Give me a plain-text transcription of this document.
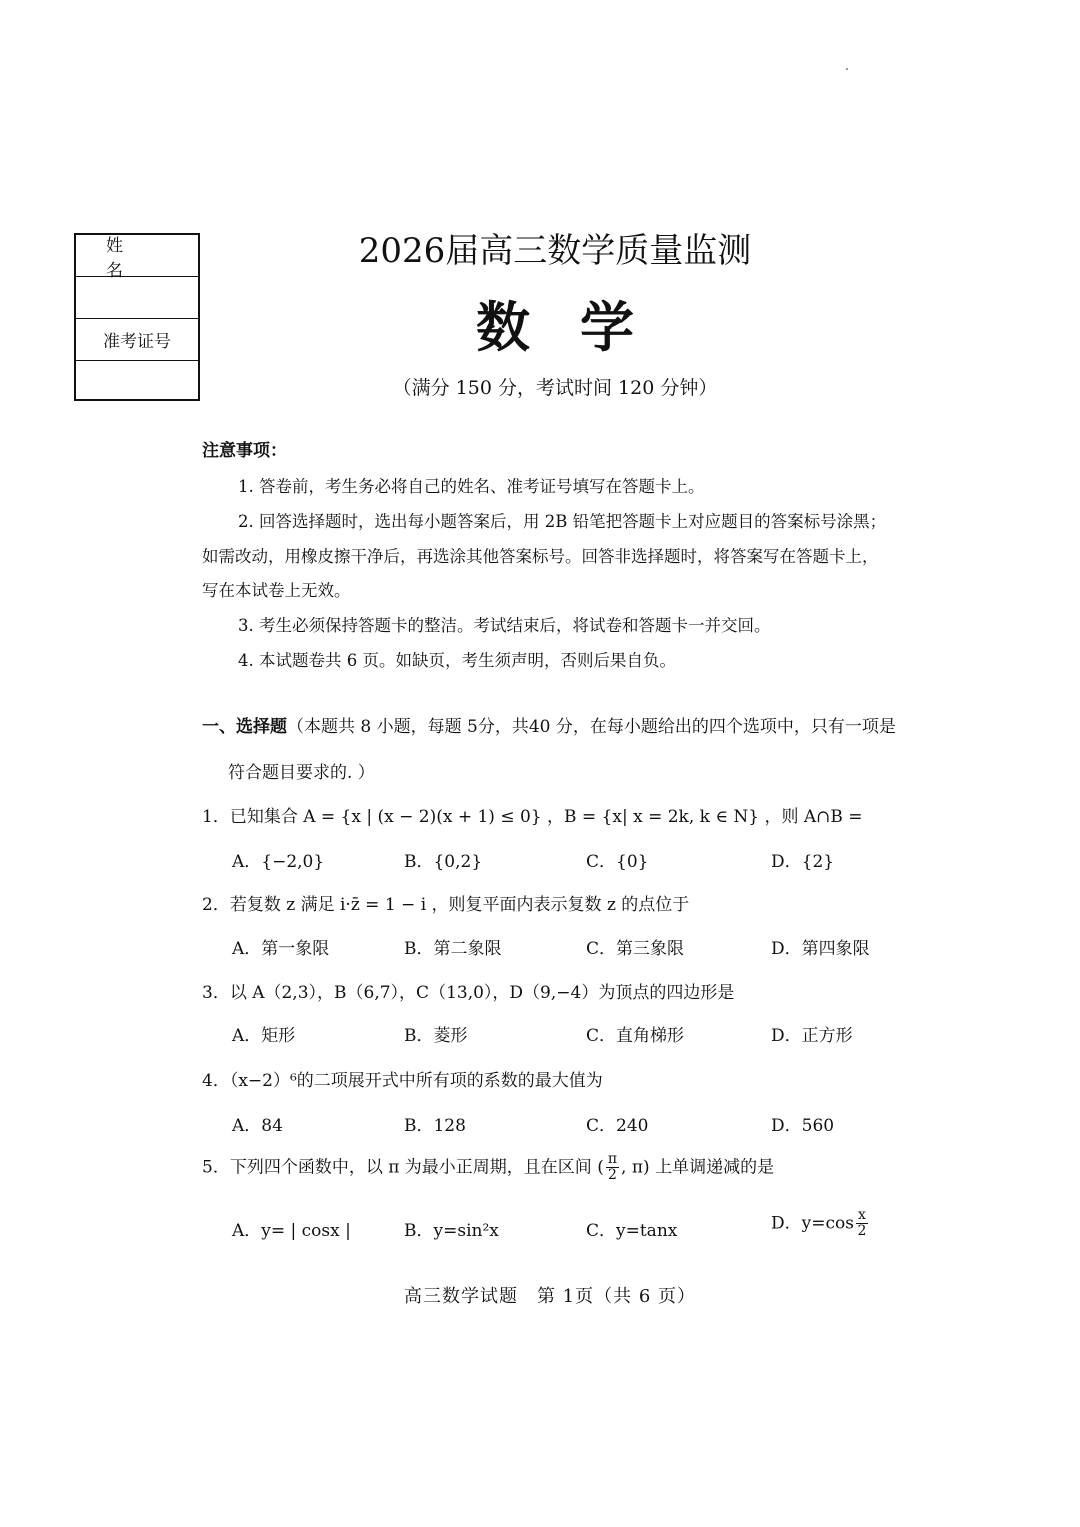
姓名
准考证号
2026届高三数学质量监测
数学
（满分 150 分，考试时间 120 分钟）
注意事项：
1. 答卷前，考生务必将自己的姓名、准考证号填写在答题卡上。
2. 回答选择题时，选出每小题答案后，用 2B 铅笔把答题卡上对应题目的答案标号涂黑；
如需改动，用橡皮擦干净后，再选涂其他答案标号。回答非选择题时，将答案写在答题卡上，
写在本试卷上无效。
3. 考生必须保持答题卡的整洁。考试结束后，将试卷和答题卡一并交回。
4. 本试题卷共 6 页。如缺页，考生须声明，否则后果自负。
一、选择题（本题共 8 小题，每题 5分，共40 分，在每小题给出的四个选项中，只有一项是
符合题目要求的. ）
1．已知集合 A = {x | (x − 2)(x + 1) ≤ 0} ，B = {x| x = 2k, k ∈ N} ，则 A∩B =
A．{−2,0}	B．{0,2}	C．{0}	D．{2}
2．若复数 z 满足 i·z̄ = 1 − i ，则复平面内表示复数 z 的点位于
A．第一象限	B．第二象限	C．第三象限	D．第四象限
3．以 A（2,3），B（6,7），C（13,0），D（9,−4）为顶点的四边形是
A．矩形	B．菱形	C．直角梯形	D．正方形
4．（x−2）⁶的二项展开式中所有项的系数的最大值为
A．84	B．128	C．240	D．560
5．下列四个函数中，以 π 为最小正周期，且在区间 ( $\frac{\pi}{2}$ , π) 上单调递减的是
A．y= | cosx |	B．y=sin²x	C．y=tanx	D．$y=\cos \frac{x}{2}$
高三数学试题　第 1页（共 6 页）
